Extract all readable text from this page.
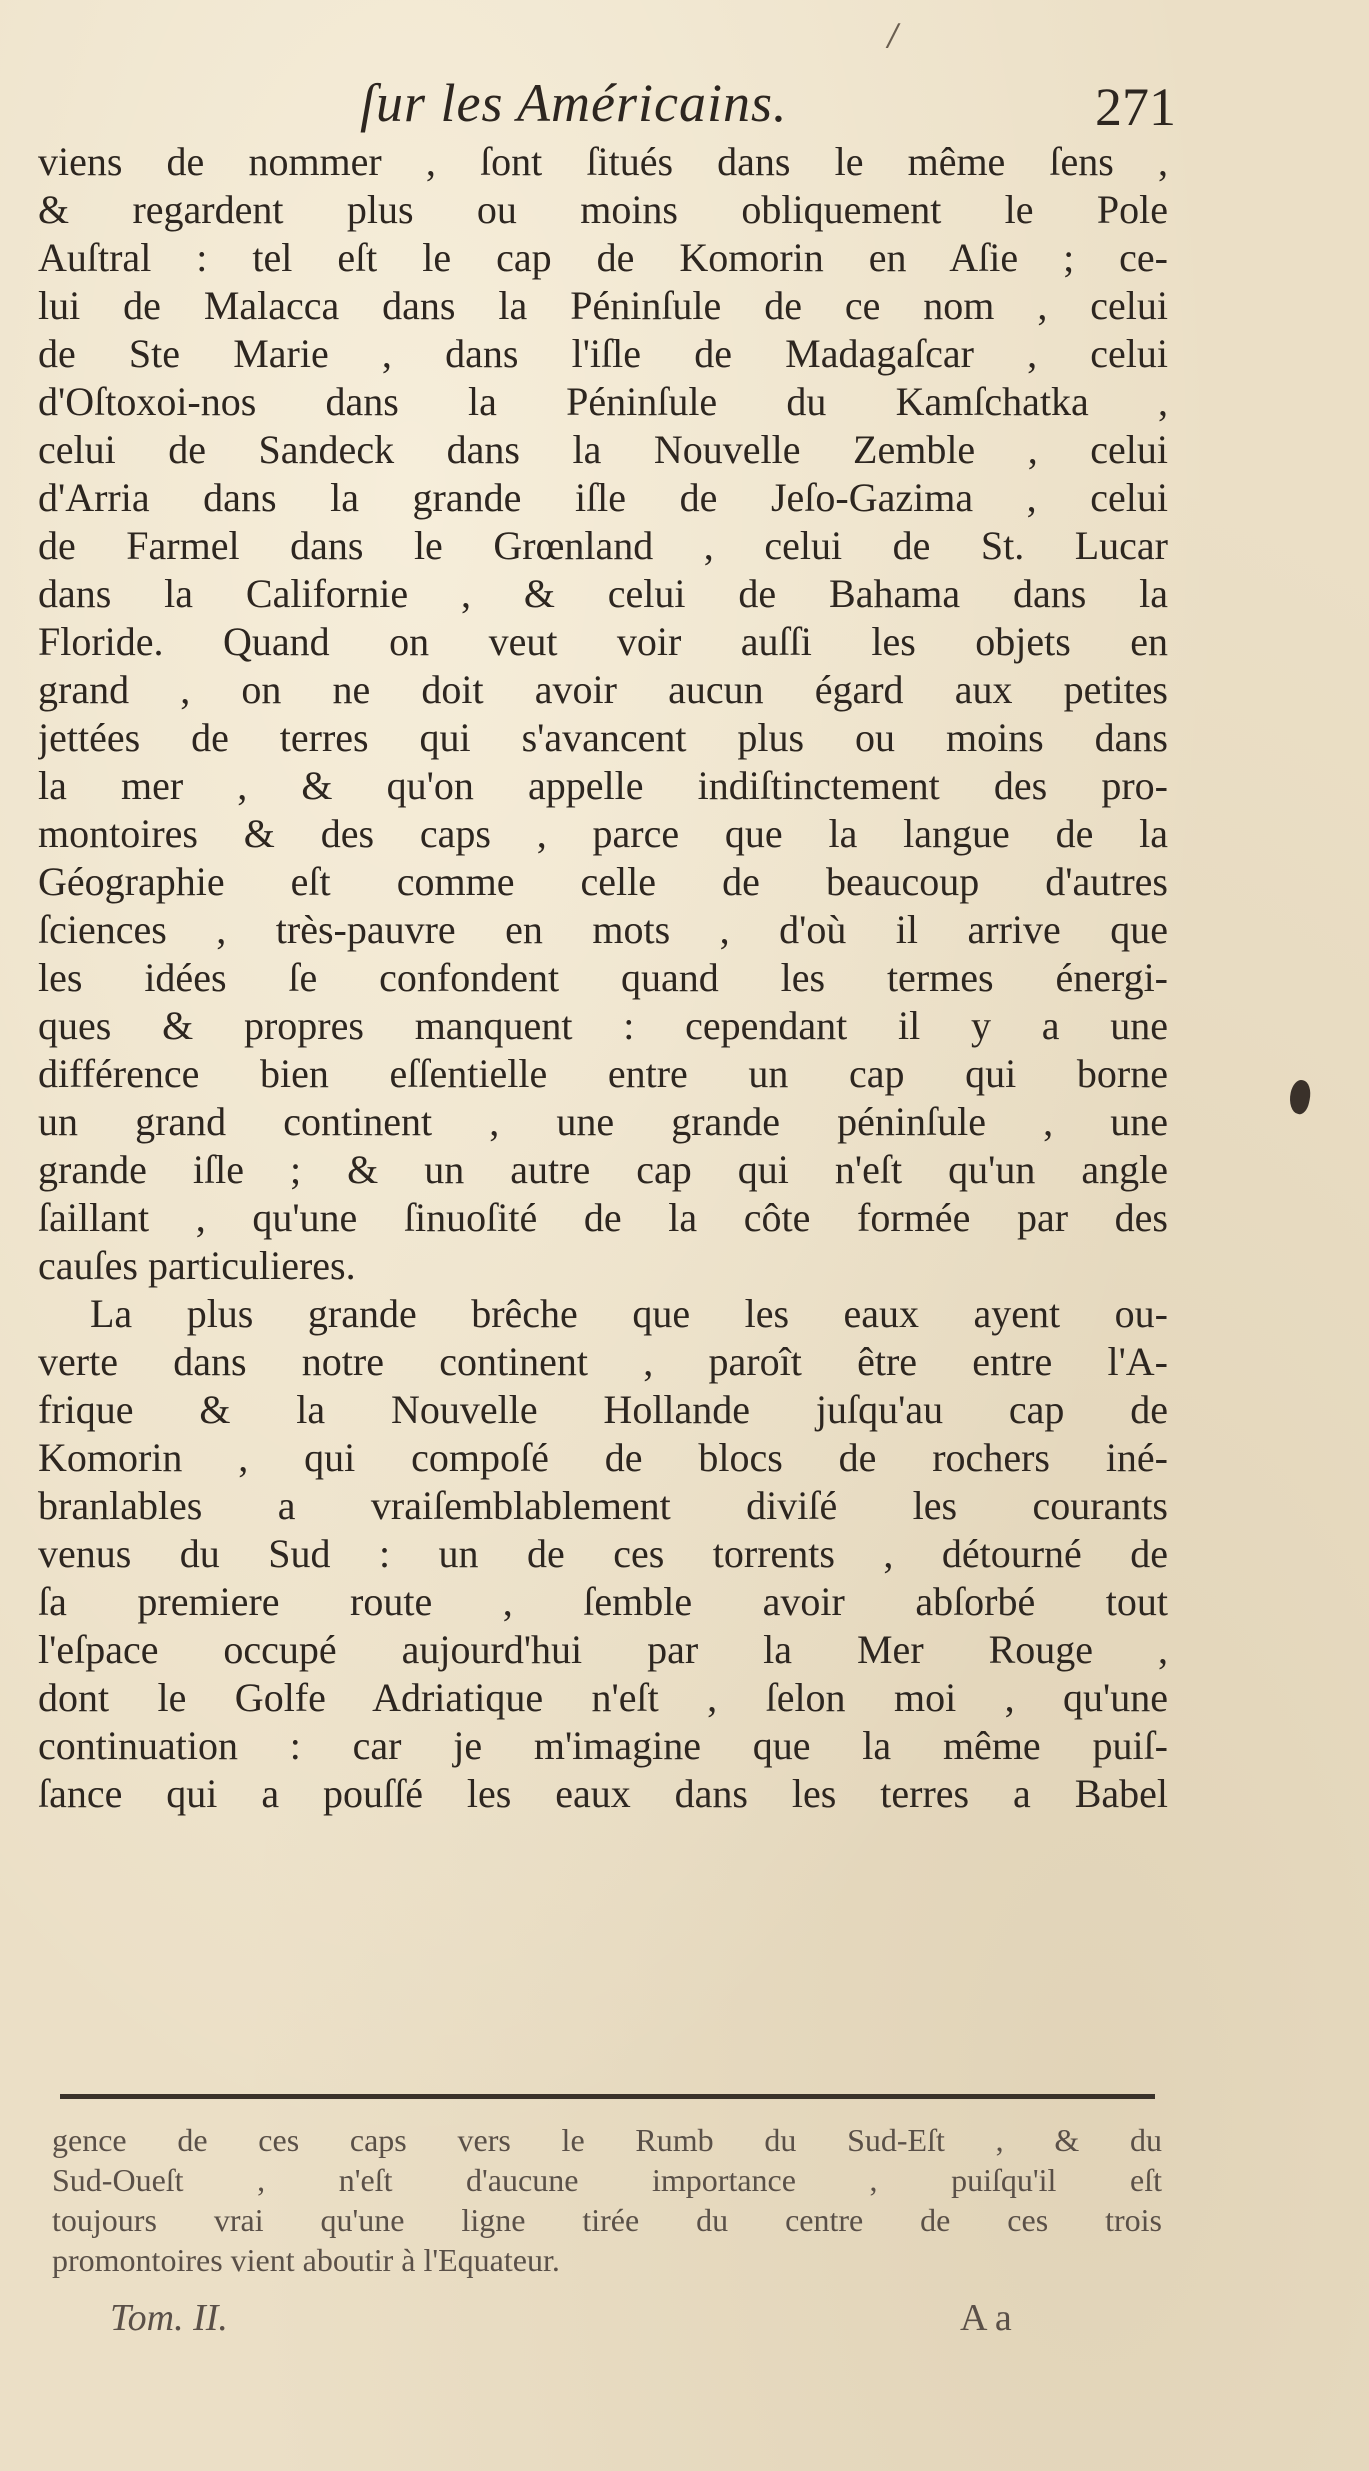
/
ſur les Américains.	271
viens de nommer , ſont ſitués dans le même ſens ,
& regardent plus ou moins obliquement le Pole
Auſtral : tel eſt le cap de Komorin en Aſie ; ce-
lui de Malacca dans la Péninſule de ce nom , celui
de Ste Marie , dans l'iſle de Madagaſcar , celui
d'Oſtoxoi-nos dans la Péninſule du Kamſchatka ,
celui de Sandeck dans la Nouvelle Zemble , celui
d'Arria dans la grande iſle de Jeſo-Gazima , celui
de Farmel dans le Grœnland , celui de St. Lucar
dans la Californie , & celui de Bahama dans la
Floride. Quand on veut voir auſſi les objets en
grand , on ne doit avoir aucun égard aux petites
jettées de terres qui s'avancent plus ou moins dans
la mer , & qu'on appelle indiſtinctement des pro-
montoires & des caps , parce que la langue de la
Géographie eſt comme celle de beaucoup d'autres
ſciences , très-pauvre en mots , d'où il arrive que
les idées ſe confondent quand les termes énergi-
ques & propres manquent : cependant il y a une
différence bien eſſentielle entre un cap qui borne
un grand continent , une grande péninſule , une
grande iſle ; & un autre cap qui n'eſt qu'un angle
ſaillant , qu'une ſinuoſité de la côte formée par des
cauſes particulieres.
La plus grande brêche que les eaux ayent ou-
verte dans notre continent , paroît être entre l'A-
frique & la Nouvelle Hollande juſqu'au cap de
Komorin , qui compoſé de blocs de rochers iné-
branlables a vraiſemblablement diviſé les courants
venus du Sud : un de ces torrents , détourné de
ſa premiere route , ſemble avoir abſorbé tout
l'eſpace occupé aujourd'hui par la Mer Rouge ,
dont le Golfe Adriatique n'eſt , ſelon moi , qu'une
continuation : car je m'imagine que la même puiſ-
ſance qui a pouſſé les eaux dans les terres a Babel
gence de ces caps vers le Rumb du Sud-Eſt , & du
Sud-Oueſt , n'eſt d'aucune importance , puiſqu'il eſt
toujours vrai qu'une ligne tirée du centre de ces trois
promontoires vient aboutir à l'Equateur.
Tom. II.	A a
